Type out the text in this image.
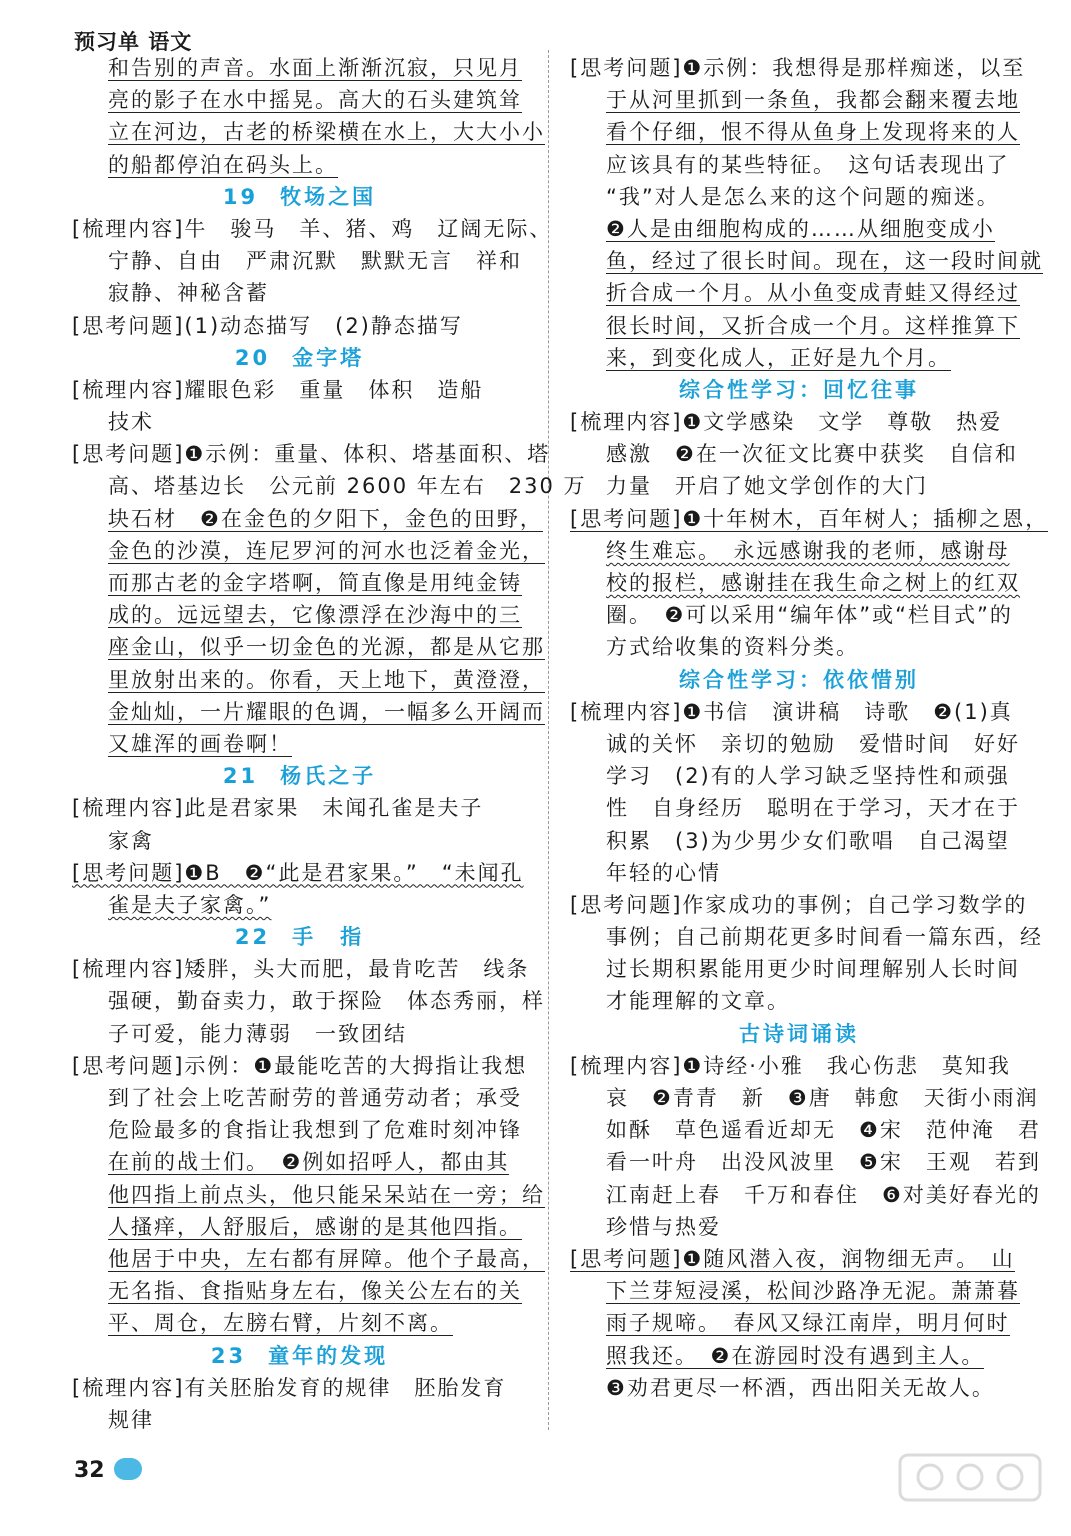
预习单 语文
和告别的声音。水面上渐渐沉寂，只见月
亮的影子在水中摇晃。高大的石头建筑耸
立在河边，古老的桥梁横在水上，大大小小
的船都停泊在码头上。
19 牧场之国
[梳理内容]牛　骏马　羊、猪、鸡　辽阔无际、
宁静、自由　严肃沉默　默默无言　祥和
寂静、神秘含蓄
[思考问题](1)动态描写　(2)静态描写
20 金字塔
[梳理内容]耀眼色彩　重量　体积　造船
技术
[思考问题]❶示例：重量、体积、塔基面积、塔
高、塔基边长　公元前 2600 年左右　230 万
块石材　❷在金色的夕阳下，金色的田野，
金色的沙漠，连尼罗河的河水也泛着金光，
而那古老的金字塔啊，简直像是用纯金铸
成的。远远望去，它像漂浮在沙海中的三
座金山，似乎一切金色的光源，都是从它那
里放射出来的。你看，天上地下，黄澄澄，
金灿灿，一片耀眼的色调，一幅多么开阔而
又雄浑的画卷啊！
21 杨氏之子
[梳理内容]此是君家果　未闻孔雀是夫子
家禽
[思考问题]❶B　❷“此是君家果。”　“未闻孔
雀是夫子家禽。”
22 手　指
[梳理内容]矮胖，头大而肥，最肯吃苦　线条
强硬，勤奋卖力，敢于探险　体态秀丽，样
子可爱，能力薄弱　一致团结
[思考问题]示例：❶最能吃苦的大拇指让我想
到了社会上吃苦耐劳的普通劳动者；承受
危险最多的食指让我想到了危难时刻冲锋
在前的战士们。　❷例如招呼人，都由其
他四指上前点头，他只能呆呆站在一旁；给
人搔痒，人舒服后，感谢的是其他四指。
他居于中央，左右都有屏障。他个子最高，
无名指、食指贴身左右，像关公左右的关
平、周仓，左膀右臂，片刻不离。
23 童年的发现
[梳理内容]有关胚胎发育的规律　胚胎发育
规律
[思考问题]❶示例：我想得是那样痴迷，以至
于从河里抓到一条鱼，我都会翻来覆去地
看个仔细，恨不得从鱼身上发现将来的人
应该具有的某些特征。　这句话表现出了
“我”对人是怎么来的这个问题的痴迷。
❷人是由细胞构成的……从细胞变成小
鱼，经过了很长时间。现在，这一段时间就
折合成一个月。从小鱼变成青蛙又得经过
很长时间，又折合成一个月。这样推算下
来，到变化成人，正好是九个月。
综合性学习：回忆往事
[梳理内容]❶文学感染　文学　尊敬　热爱
感激　❷在一次征文比赛中获奖　自信和
力量　开启了她文学创作的大门
[思考问题]❶十年树木，百年树人；插柳之恩，
终生难忘。　永远感谢我的老师，感谢母
校的报栏，感谢挂在我生命之树上的红双
圈。　❷可以采用“编年体”或“栏目式”的
方式给收集的资料分类。
综合性学习：依依惜别
[梳理内容]❶书信　演讲稿　诗歌　❷(1)真
诚的关怀　亲切的勉励　爱惜时间　好好
学习　(2)有的人学习缺乏坚持性和顽强
性　自身经历　聪明在于学习，天才在于
积累　(3)为少男少女们歌唱　自己渴望
年轻的心情
[思考问题]作家成功的事例；自己学习数学的
事例；自己前期花更多时间看一篇东西，经
过长期积累能用更少时间理解别人长时间
才能理解的文章。
古诗词诵读
[梳理内容]❶诗经·小雅　我心伤悲　莫知我
哀　❷青青　新　❸唐　韩愈　天街小雨润
如酥　草色遥看近却无　❹宋　范仲淹　君
看一叶舟　出没风波里　❺宋　王观　若到
江南赶上春　千万和春住　❻对美好春光的
珍惜与热爱
[思考问题]❶随风潜入夜，润物细无声。　山
下兰芽短浸溪，松间沙路净无泥。萧萧暮
雨子规啼。　春风又绿江南岸，明月何时
照我还。　❷在游园时没有遇到主人。
❸劝君更尽一杯酒，西出阳关无故人。
32
